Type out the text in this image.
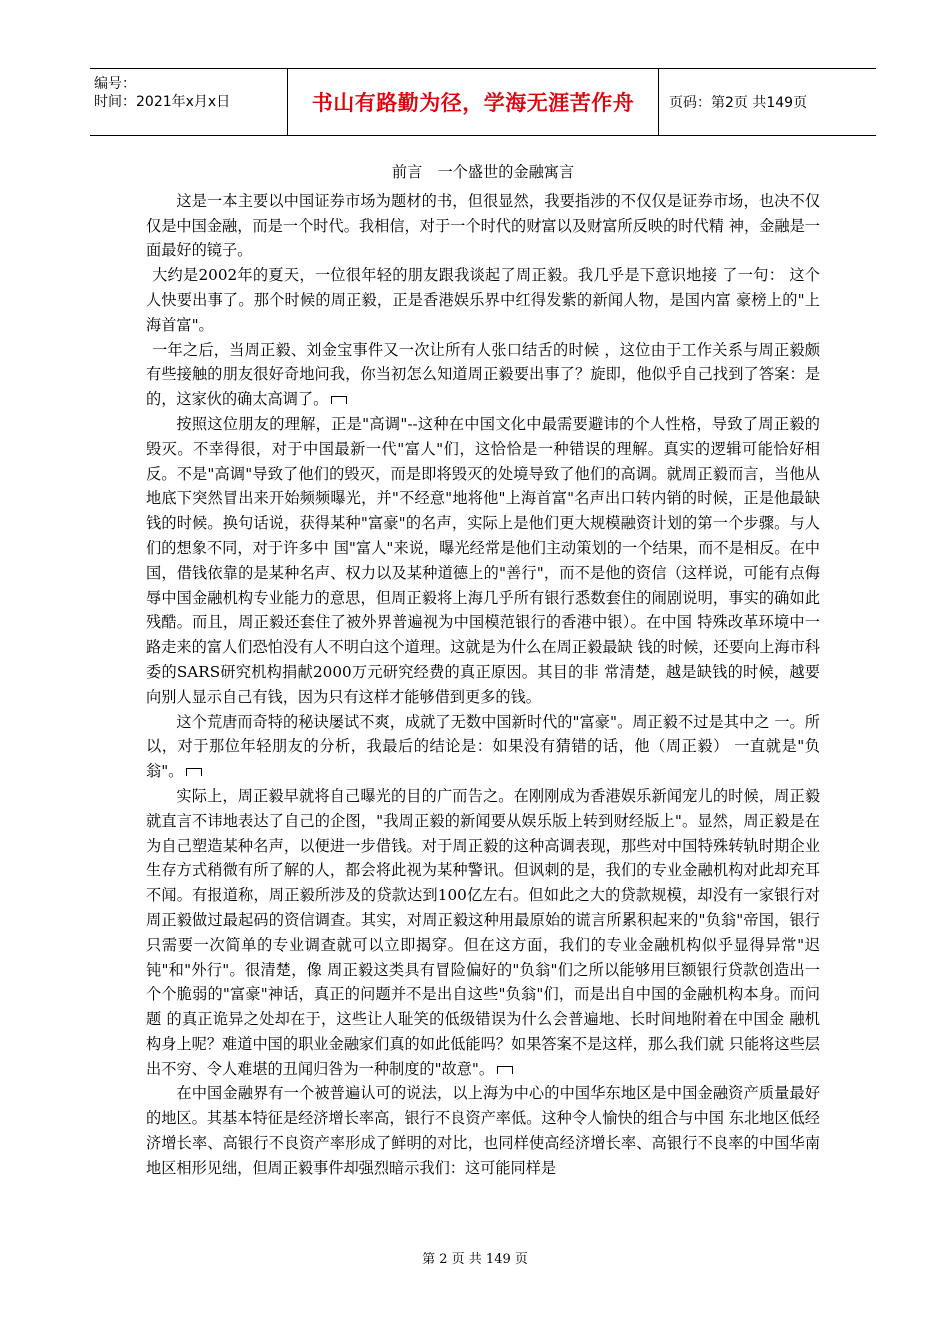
编号：
时间：2021年x月x日	书山有路勤为径，学海无涯苦作舟 页码：第2页 共149页
前言　一个盛世的金融寓言

这是一本主要以中国证券市场为题材的书，但很显然，我要指涉的不仅仅是证券市场，也决不仅仅是中国金融，而是一个时代。我相信，对于一个时代的财富以及财富所反映的时代精 神，金融是一面最好的镜子。

大约是2002年的夏天，一位很年轻的朋友跟我谈起了周正毅。我几乎是下意识地接 了一句： 这个人快要出事了。那个时候的周正毅，正是香港娱乐界中红得发紫的新闻人物，是国内富 豪榜上的"上海首富"。

一年之后，当周正毅、刘金宝事件又一次让所有人张口结舌的时候 ，这位由于工作关系与周正毅颇有些接触的朋友很好奇地问我，你当初怎么知道周正毅要出事了？旋即，他似乎自己找到了答案：是的，这家伙的确太高调了。

按照这位朋友的理解，正是"高调"--这种在中国文化中最需要避讳的个人性格，导致了周正毅的毁灭。不幸得很，对于中国最新一代"富人"们，这恰恰是一种错误的理解。真实的逻辑可能恰好相反。不是"高调"导致了他们的毁灭，而是即将毁灭的处境导致了他们的高调。就周正毅而言，当他从地底下突然冒出来开始频频曝光，并"不经意"地将他"上海首富"名声出口转内销的时候，正是他最缺钱的时候。换句话说，获得某种"富豪"的名声，实际上是他们更大规模融资计划的第一个步骤。与人们的想象不同，对于许多中 国"富人"来说，曝光经常是他们主动策划的一个结果，而不是相反。在中国，借钱依靠的是某种名声、权力以及某种道德上的"善行"，而不是他的资信（这样说，可能有点侮辱中国金融机构专业能力的意思，但周正毅将上海几乎所有银行悉数套住的闹剧说明，事实的确如此残酷。而且，周正毅还套住了被外界普遍视为中国模范银行的香港中银）。在中国 特殊改革环境中一路走来的富人们恐怕没有人不明白这个道理。这就是为什么在周正毅最缺 钱的时候，还要向上海市科委的SARS研究机构捐献2000万元研究经费的真正原因。其目的非 常清楚，越是缺钱的时候，越要向别人显示自己有钱，因为只有这样才能够借到更多的钱。

这个荒唐而奇特的秘诀屡试不爽，成就了无数中国新时代的"富豪"。周正毅不过是其中之 一。所以，对于那位年轻朋友的分析，我最后的结论是：如果没有猜错的话，他（周正毅） 一直就是"负翁"。

实际上，周正毅早就将自己曝光的目的广而告之。在刚刚成为香港娱乐新闻宠儿的时候，周正毅就直言不讳地表达了自己的企图，"我周正毅的新闻要从娱乐版上转到财经版上"。显然，周正毅是在为自己塑造某种名声，以便进一步借钱。对于周正毅的这种高调表现，那些对中国特殊转轨时期企业生存方式稍微有所了解的人，都会将此视为某种警讯。但讽刺的是，我们的专业金融机构对此却充耳不闻。有报道称，周正毅所涉及的贷款达到100亿左右。但如此之大的贷款规模，却没有一家银行对周正毅做过最起码的资信调查。其实，对周正毅这种用最原始的谎言所累积起来的"负翁"帝国，银行只需要一次简单的专业调查就可以立即揭穿。但在这方面，我们的专业金融机构似乎显得异常"迟钝"和"外行"。很清楚，像 周正毅这类具有冒险偏好的"负翁"们之所以能够用巨额银行贷款创造出一个个脆弱的"富豪"神话，真正的问题并不是出自这些"负翁"们，而是出自中国的金融机构本身。而问题 的真正诡异之处却在于，这些让人耻笑的低级错误为什么会普遍地、长时间地附着在中国金 融机构身上呢？难道中国的职业金融家们真的如此低能吗？如果答案不是这样，那么我们就 只能将这些层出不穷、令人难堪的丑闻归咎为一种制度的"故意"。

在中国金融界有一个被普遍认可的说法，以上海为中心的中国华东地区是中国金融资产质量最好的地区。其基本特征是经济增长率高，银行不良资产率低。这种令人愉快的组合与中国 东北地区低经济增长率、高银行不良资产率形成了鲜明的对比，也同样使高经济增长率、高银行不良率的中国华南地区相形见绌，但周正毅事件却强烈暗示我们：这可能同样是

第 2 页 共 149 页
